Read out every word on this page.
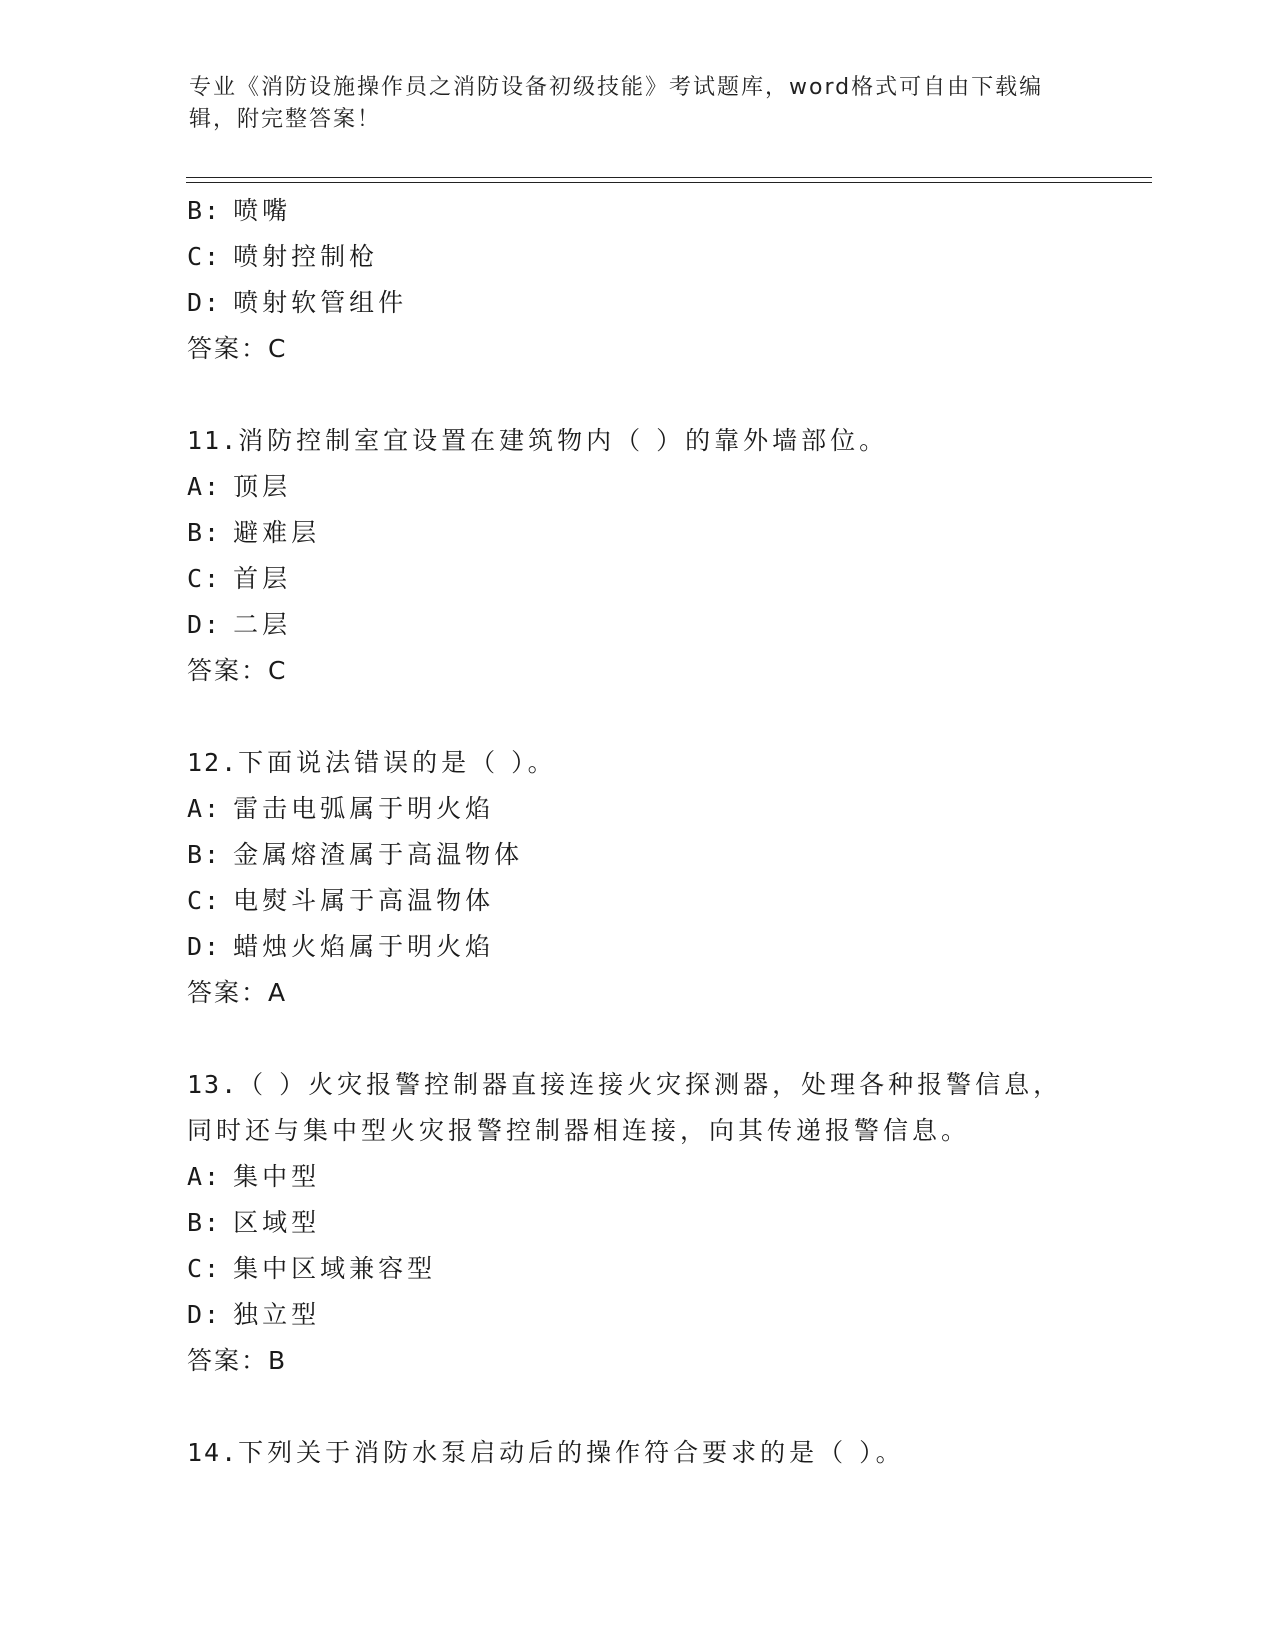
专业《消防设施操作员之消防设备初级技能》考试题库，word格式可自由下载编
辑，附完整答案！
B: 喷嘴
C: 喷射控制枪
D: 喷射软管组件
答案：C
11.消防控制室宜设置在建筑物内（ ）的靠外墙部位。
A: 顶层
B: 避难层
C: 首层
D: 二层
答案：C
12.下面说法错误的是（ ）。
A: 雷击电弧属于明火焰
B: 金属熔渣属于高温物体
C: 电熨斗属于高温物体
D: 蜡烛火焰属于明火焰
答案：A
13.（ ）火灾报警控制器直接连接火灾探测器，处理各种报警信息，
同时还与集中型火灾报警控制器相连接，向其传递报警信息。
A: 集中型
B: 区域型
C: 集中区域兼容型
D: 独立型
答案：B
14.下列关于消防水泵启动后的操作符合要求的是（ ）。
